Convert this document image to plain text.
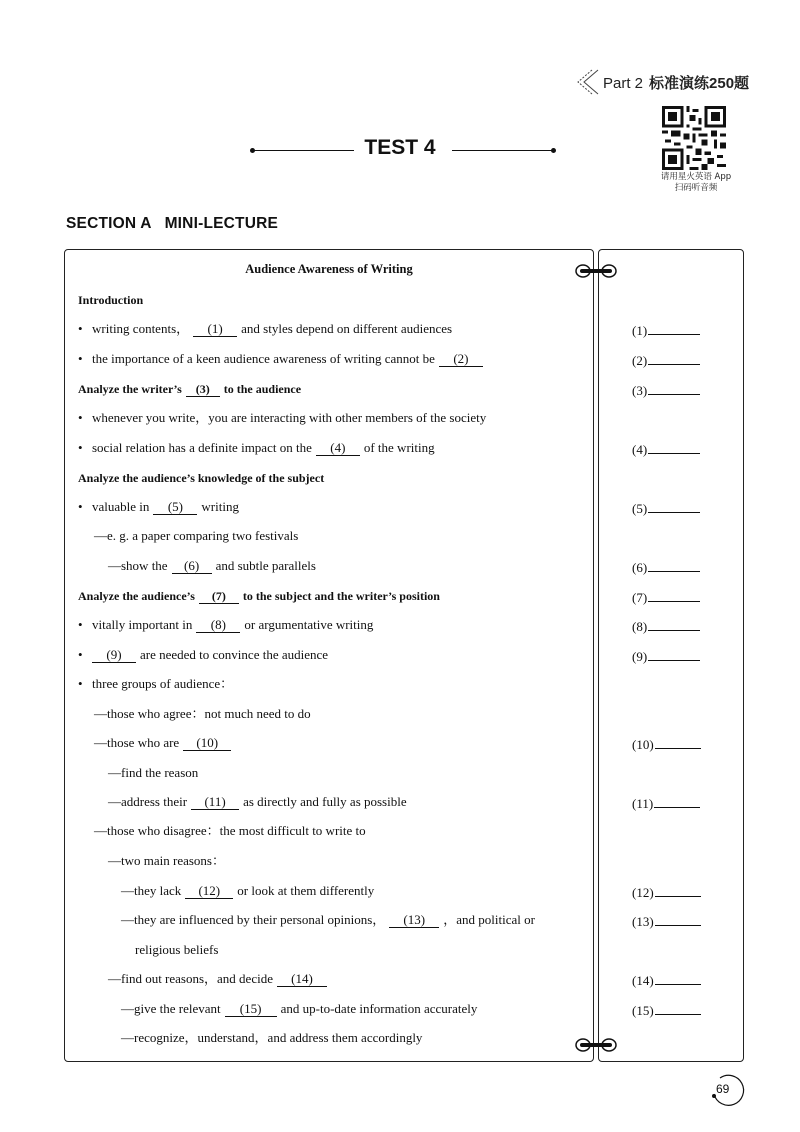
Part 2 标准演练250题
TEST 4
请用星火英语 App
扫码听音频
SECTION A   MINI-LECTURE
Audience Awareness of Writing
Introduction
• writing contents， (1) and styles depend on different audiences
• the importance of a keen audience awareness of writing cannot be (2)
Analyze the writer’s (3) to the audience
• whenever you write，you are interacting with other members of the society
• social relation has a definite impact on the (4) of the writing
Analyze the audience’s knowledge of the subject
• valuable in (5) writing
—e. g. a paper comparing two festivals
—show the (6) and subtle parallels
Analyze the audience’s (7) to the subject and the writer’s position
• vitally important in (8) or argumentative writing
• (9) are needed to convince the audience
• three groups of audience：
—those who agree：not much need to do
—those who are (10)
—find the reason
—address their (11) as directly and fully as possible
—those who disagree：the most difficult to write to
—two main reasons：
—they lack (12) or look at them differently
—they are influenced by their personal opinions， (13) ，and political or
religious beliefs
—find out reasons，and decide (14)
—give the relevant (15) and up-to-date information accurately
—recognize，understand，and address them accordingly
(1)
(2)
(3)
(4)
(5)
(6)
(7)
(8)
(9)
(10)
(11)
(12)
(13)
(14)
(15)
69
